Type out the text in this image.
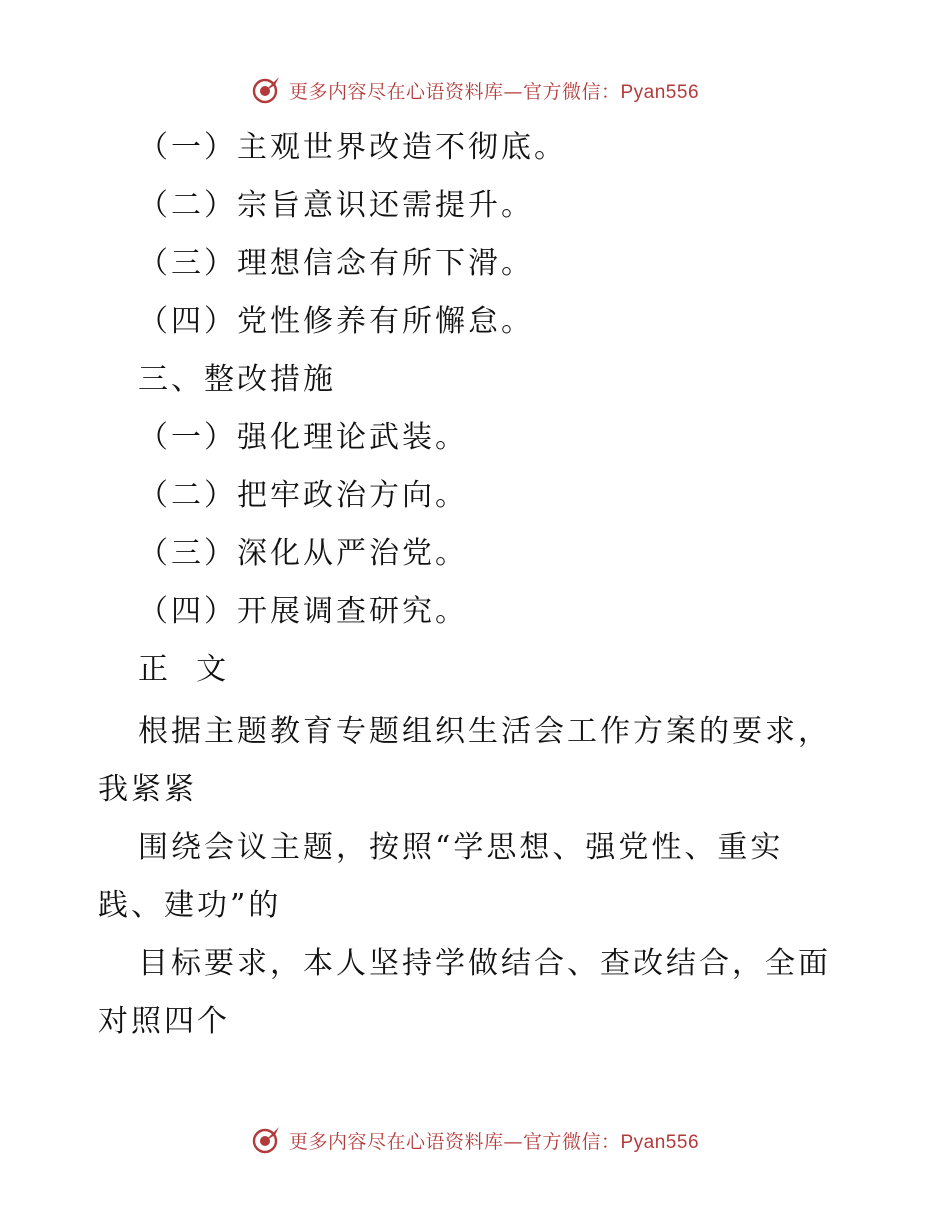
更多内容尽在心语资料库—官方微信：Pyan556
（一）主观世界改造不彻底。
（二）宗旨意识还需提升。
（三）理想信念有所下滑。
（四）党性修养有所懈怠。
三、整改措施
（一）强化理论武装。
（二）把牢政治方向。
（三）深化从严治党。
（四）开展调查研究。
正  文
根据主题教育专题组织生活会工作方案的要求，
我紧紧
围绕会议主题，按照“学思想、强党性、重实
践、建功”的
目标要求，本人坚持学做结合、查改结合，全面
对照四个
更多内容尽在心语资料库—官方微信：Pyan556
